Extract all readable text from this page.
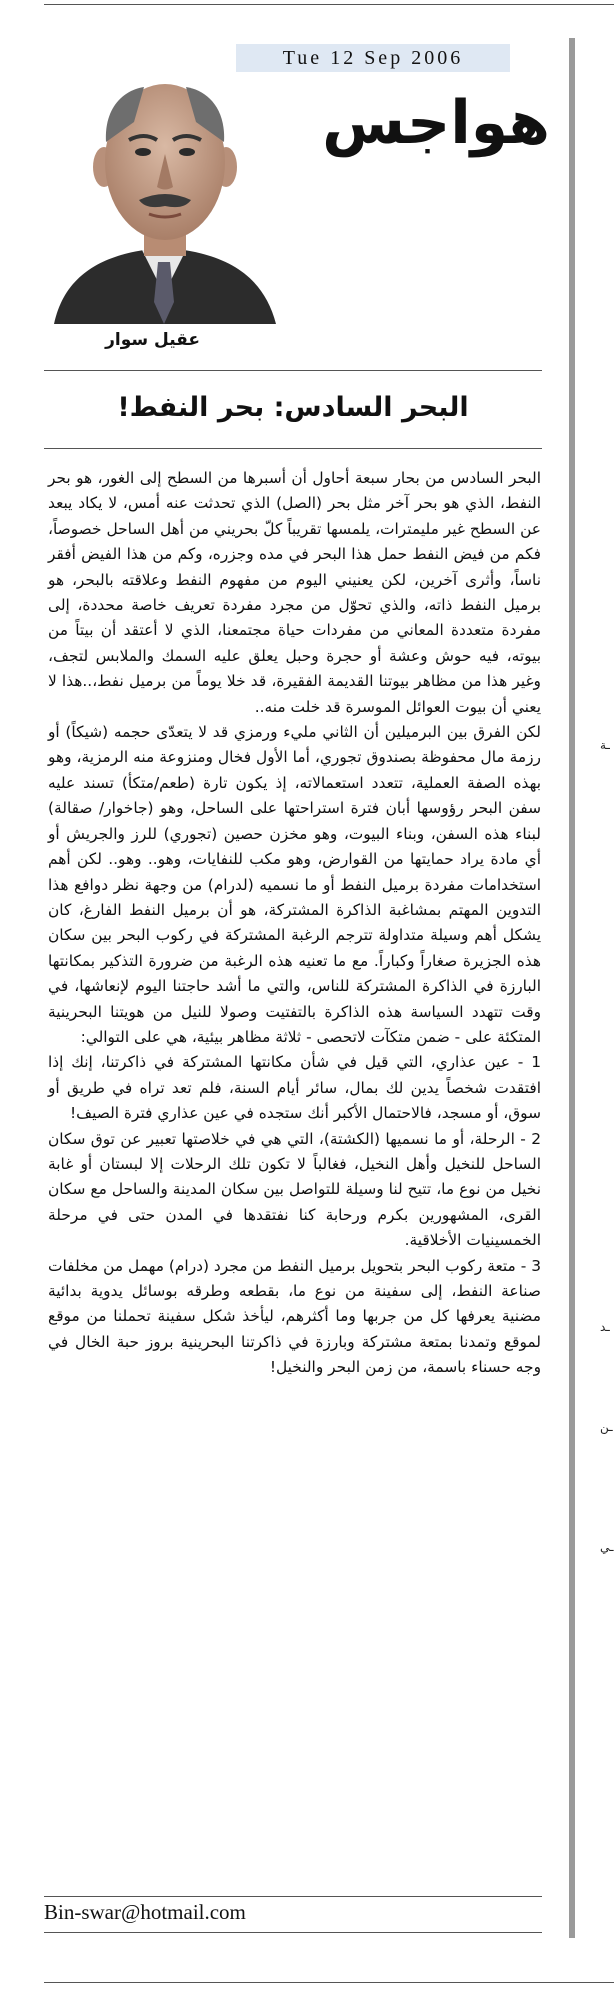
Tue 12 Sep 2006
هواجس
عقيل سوار
البحر السادس: بحر النفط!

البحر السادس من بحار سبعة أحاول أن أسبرها من السطح إلى الغور، هو بحر النفط، الذي هو بحر آخر مثل بحر (الصل) الذي تحدثت عنه أمس، لا يكاد يبعد عن السطح غير مليمترات، يلمسها تقريباً كلّ بحريني من أهل الساحل خصوصاً، فكم من فيض النفط حمل هذا البحر في مده وجزره، وكم من هذا الفيض أفقر ناساً، وأثرى آخرين، لكن يعنيني اليوم من مفهوم النفط وعلاقته بالبحر، هو برميل النفط ذاته، والذي تحوّل من مجرد مفردة تعريف خاصة محددة، إلى مفردة متعددة المعاني من مفردات حياة مجتمعنا، الذي لا أعتقد أن بيتاً من بيوته، فيه حوش وعشة أو حجرة وحبل يعلق عليه السمك والملابس لتجف، وغير هذا من مظاهر بيوتنا القديمة الفقيرة، قد خلا يوماً من برميل نفط،..هذا لا يعني أن بيوت العوائل الموسرة قد خلت منه..

لكن الفرق بين البرميلين أن الثاني مليء ورمزي قد لا يتعدّى حجمه (شيكاً) أو رزمة مال محفوظة بصندوق تجوري، أما الأول فخال ومنزوعة منه الرمزية، وهو بهذه الصفة العملية، تتعدد استعمالاته، إذ يكون تارة (طعم/متكأ) تسند عليه سفن البحر رؤوسها أبان فترة استراحتها على الساحل، وهو (جاخوار/ صقالة) لبناء هذه السفن، وبناء البيوت، وهو مخزن حصين (تجوري) للرز والجريش أو أي مادة يراد حمايتها من القوارض، وهو مكب للنفايات، وهو.. وهو.. لكن أهم استخدامات مفردة برميل النفط أو ما نسميه (لدرام) من وجهة نظر دوافع هذا التدوين المهتم بمشاغبة الذاكرة المشتركة، هو أن برميل النفط الفارغ، كان يشكل أهم وسيلة متداولة تترجم الرغبة المشتركة في ركوب البحر بين سكان هذه الجزيرة صغاراً وكباراً. مع ما تعنيه هذه الرغبة من ضرورة التذكير بمكانتها البارزة في الذاكرة المشتركة للناس، والتي ما أشد حاجتنا اليوم لإنعاشها، في وقت تتهدد السياسة هذه الذاكرة بالتفتيت وصولا للنيل من هويتنا البحرينية المتكئة على - ضمن متكآت لاتحصى - ثلاثة مظاهر بيئية، هي على التوالي:

1 - عين عذاري، التي قيل في شأن مكانتها المشتركة في ذاكرتنا، إنك إذا افتقدت شخصاً يدين لك بمال، سائر أيام السنة، فلم تعد تراه في طريق أو سوق، أو مسجد، فالاحتمال الأكبر أنك ستجده في عين عذاري فترة الصيف!

2 - الرحلة، أو ما نسميها (الكشتة)، التي هي في خلاصتها تعبير عن توق سكان الساحل للنخيل وأهل النخيل، فغالباً لا تكون تلك الرحلات إلا لبستان أو غابة نخيل من نوع ما، تتيح لنا وسيلة للتواصل بين سكان المدينة والساحل مع سكان القرى، المشهورين بكرم ورحابة كنا نفتقدها في المدن حتى في مرحلة الخمسينيات الأخلاقية.

3 - متعة ركوب البحر بتحويل برميل النفط من مجرد (درام) مهمل من مخلفات صناعة النفط، إلى سفينة من نوع ما، بقطعه وطرقه بوسائل يدوية بدائية مضنية يعرفها كل من جربها وما أكثرهم، ليأخذ شكل سفينة تحملنا من موقع لموقع وتمدنا بمتعة مشتركة وبارزة في ذاكرتنا البحرينية بروز حبة الخال في وجه حسناء باسمة، من زمن البحر والنخيل!

ـة
ـد
ـن
ـي
Bin-swar@hotmail.com
